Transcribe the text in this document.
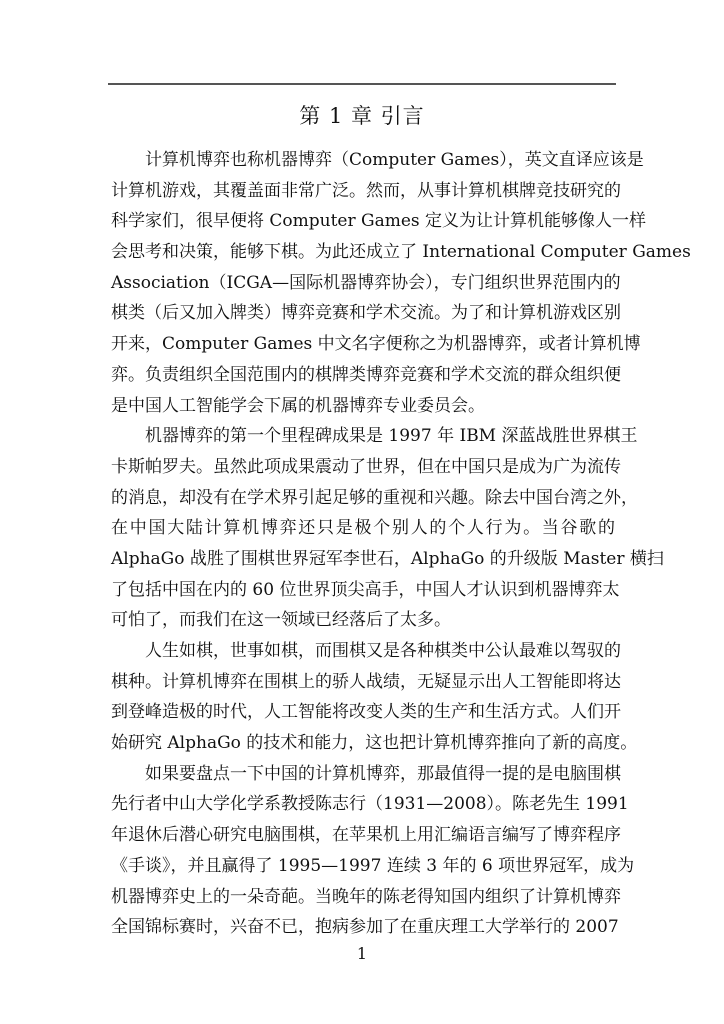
第 1 章 引言
计算机博弈也称机器博弈（Computer Games），英文直译应该是
计算机游戏，其覆盖面非常广泛。然而，从事计算机棋牌竞技研究的
科学家们，很早便将 Computer Games 定义为让计算机能够像人一样
会思考和决策，能够下棋。为此还成立了 International Computer Games
Association（ICGA—国际机器博弈协会），专门组织世界范围内的
棋类（后又加入牌类）博弈竞赛和学术交流。为了和计算机游戏区别
开来，Computer Games 中文名字便称之为机器博弈，或者计算机博
弈。负责组织全国范围内的棋牌类博弈竞赛和学术交流的群众组织便
是中国人工智能学会下属的机器博弈专业委员会。
机器博弈的第一个里程碑成果是 1997 年 IBM 深蓝战胜世界棋王
卡斯帕罗夫。虽然此项成果震动了世界，但在中国只是成为广为流传
的消息，却没有在学术界引起足够的重视和兴趣。除去中国台湾之外，
在中国大陆计算机博弈还只是极个别人的个人行为。当谷歌的
AlphaGo 战胜了围棋世界冠军李世石，AlphaGo 的升级版 Master 横扫
了包括中国在内的 60 位世界顶尖高手，中国人才认识到机器博弈太
可怕了，而我们在这一领域已经落后了太多。
人生如棋，世事如棋，而围棋又是各种棋类中公认最难以驾驭的
棋种。计算机博弈在围棋上的骄人战绩，无疑显示出人工智能即将达
到登峰造极的时代，人工智能将改变人类的生产和生活方式。人们开
始研究 AlphaGo 的技术和能力，这也把计算机博弈推向了新的高度。
如果要盘点一下中国的计算机博弈，那最值得一提的是电脑围棋
先行者中山大学化学系教授陈志行（1931—2008）。陈老先生 1991
年退休后潜心研究电脑围棋，在苹果机上用汇编语言编写了博弈程序
《手谈》，并且赢得了 1995—1997 连续 3 年的 6 项世界冠军，成为
机器博弈史上的一朵奇葩。当晚年的陈老得知国内组织了计算机博弈
全国锦标赛时，兴奋不已，抱病参加了在重庆理工大学举行的 2007
1
